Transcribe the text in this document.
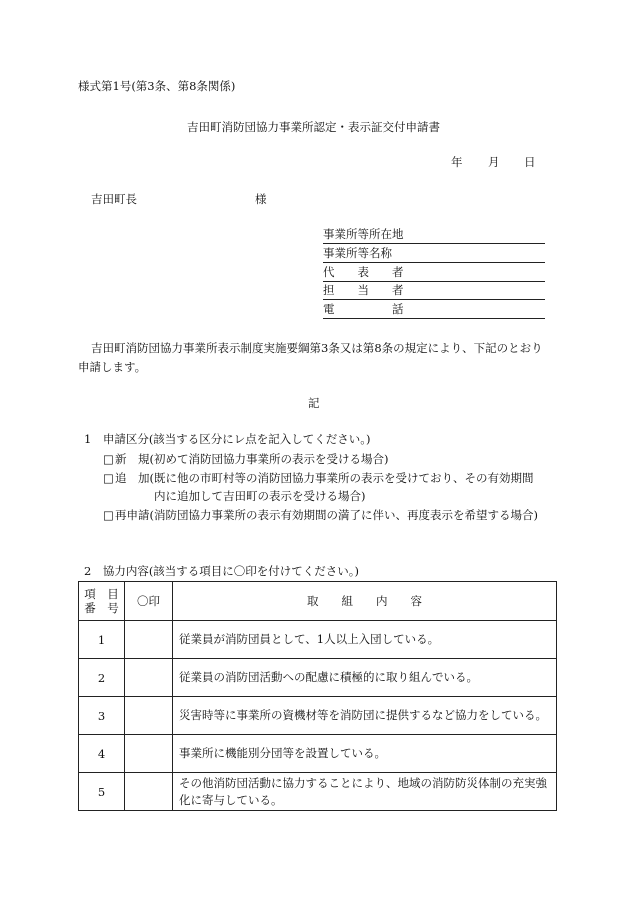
様式第1号(第3条、第8条関係)
吉田町消防団協力事業所認定・表示証交付申請書
年 月 日
吉田町長	様
事業所等所在地
事業所等名称
代　　表　　者
担　　当　　者
電　　　　　話
吉田町消防団協力事業所表示制度実施要綱第3条又は第8条の規定により、下記のとおり
申請します。
記
1　申請区分(該当する区分にレ点を記入してください。)
□ 新　規(初めて消防団協力事業所の表示を受ける場合)
□ 追　加(既に他の市町村等の消防団協力事業所の表示を受けており、その有効期間
内に追加して吉田町の表示を受ける場合)
□ 再申請(消防団協力事業所の表示有効期間の満了に伴い、再度表示を希望する場合)
2　協力内容(該当する項目に〇印を付けてください。)
項　目
番　号	〇印	取　　組　　内　　容
1		従業員が消防団員として、1人以上入団している。
2		従業員の消防団活動への配慮に積極的に取り組んでいる。
3		災害時等に事業所の資機材等を消防団に提供するなど協力をしている。
4		事業所に機能別分団等を設置している。
5		その他消防団活動に協力することにより、地域の消防防災体制の充実強化に寄与している。
